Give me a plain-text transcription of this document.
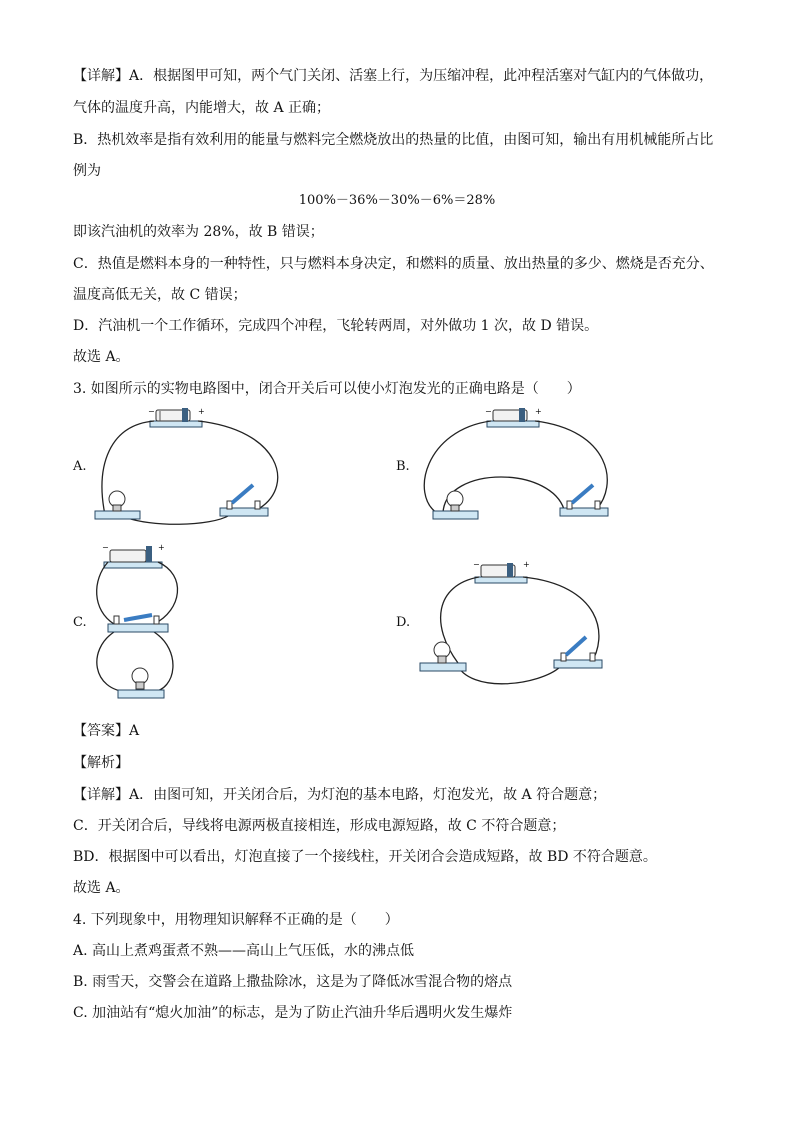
【详解】A．根据图甲可知，两个气门关闭、活塞上行，为压缩冲程，此冲程活塞对气缸内的气体做功，
气体的温度升高，内能增大，故 A 正确；
B．热机效率是指有效利用的能量与燃料完全燃烧放出的热量的比值，由图可知，输出有用机械能所占比
例为
100%－36%－30%－6%＝28%
即该汽油机的效率为 28%，故 B 错误；
C．热值是燃料本身的一种特性，只与燃料本身决定，和燃料的质量、放出热量的多少、燃烧是否充分、
温度高低无关，故 C 错误；
D．汽油机一个工作循环，完成四个冲程，飞轮转两周，对外做功 1 次，故 D 错误。
故选 A。
3. 如图所示的实物电路图中，闭合开关后可以使小灯泡发光的正确电路是（　　）
A.	B.
C.	D.
−	+	−	+
−	+
−	+
【答案】A
【解析】
【详解】A．由图可知，开关闭合后，为灯泡的基本电路，灯泡发光，故 A 符合题意；
C．开关闭合后，导线将电源两极直接相连，形成电源短路，故 C 不符合题意；
BD．根据图中可以看出，灯泡直接了一个接线柱，开关闭合会造成短路，故 BD 不符合题意。
故选 A。
4. 下列现象中，用物理知识解释不正确的是（　　）
A. 高山上煮鸡蛋煮不熟——高山上气压低，水的沸点低
B. 雨雪天，交警会在道路上撒盐除冰，这是为了降低冰雪混合物的熔点
C. 加油站有“熄火加油”的标志，是为了防止汽油升华后遇明火发生爆炸
